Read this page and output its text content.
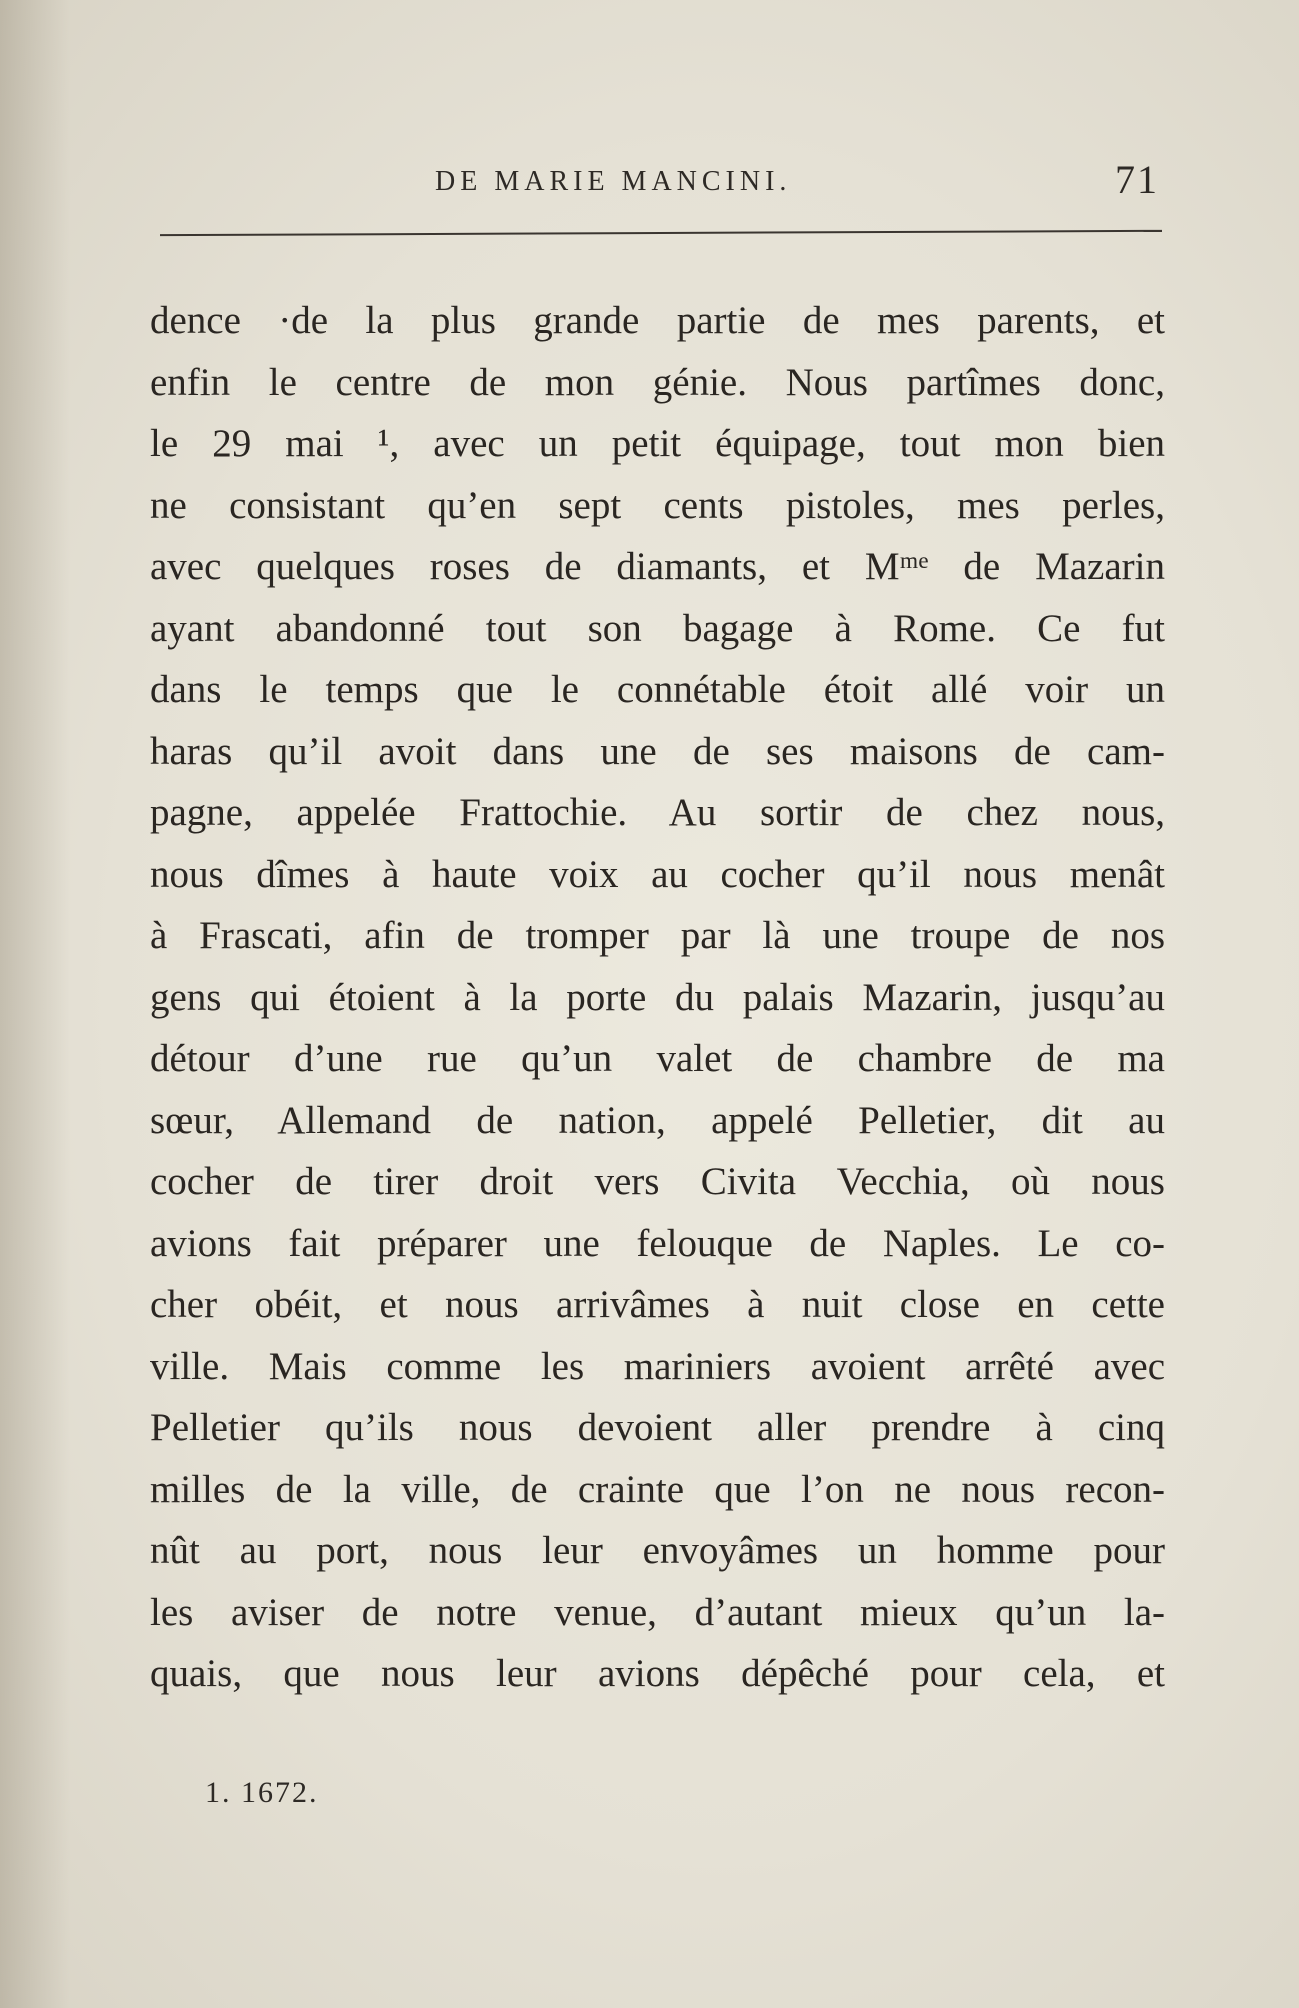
DE MARIE MANCINI.	71
dence ·de la plus grande partie de mes parents, et
enfin le centre de mon génie. Nous partîmes donc,
le 29 mai ¹, avec un petit équipage, tout mon bien
ne consistant qu’en sept cents pistoles, mes perles,
avec quelques roses de diamants, et Mᵐᵉ de Mazarin
ayant abandonné tout son bagage à Rome. Ce fut
dans le temps que le connétable étoit allé voir un
haras qu’il avoit dans une de ses maisons de cam-
pagne, appelée Frattochie. Au sortir de chez nous,
nous dîmes à haute voix au cocher qu’il nous menât
à Frascati, afin de tromper par là une troupe de nos
gens qui étoient à la porte du palais Mazarin, jusqu’au
détour d’une rue qu’un valet de chambre de ma
sœur, Allemand de nation, appelé Pelletier, dit au
cocher de tirer droit vers Civita Vecchia, où nous
avions fait préparer une felouque de Naples. Le co-
cher obéit, et nous arrivâmes à nuit close en cette
ville. Mais comme les mariniers avoient arrêté avec
Pelletier qu’ils nous devoient aller prendre à cinq
milles de la ville, de crainte que l’on ne nous recon-
nût au port, nous leur envoyâmes un homme pour
les aviser de notre venue, d’autant mieux qu’un la-
quais, que nous leur avions dépêché pour cela, et
1. 1672.
